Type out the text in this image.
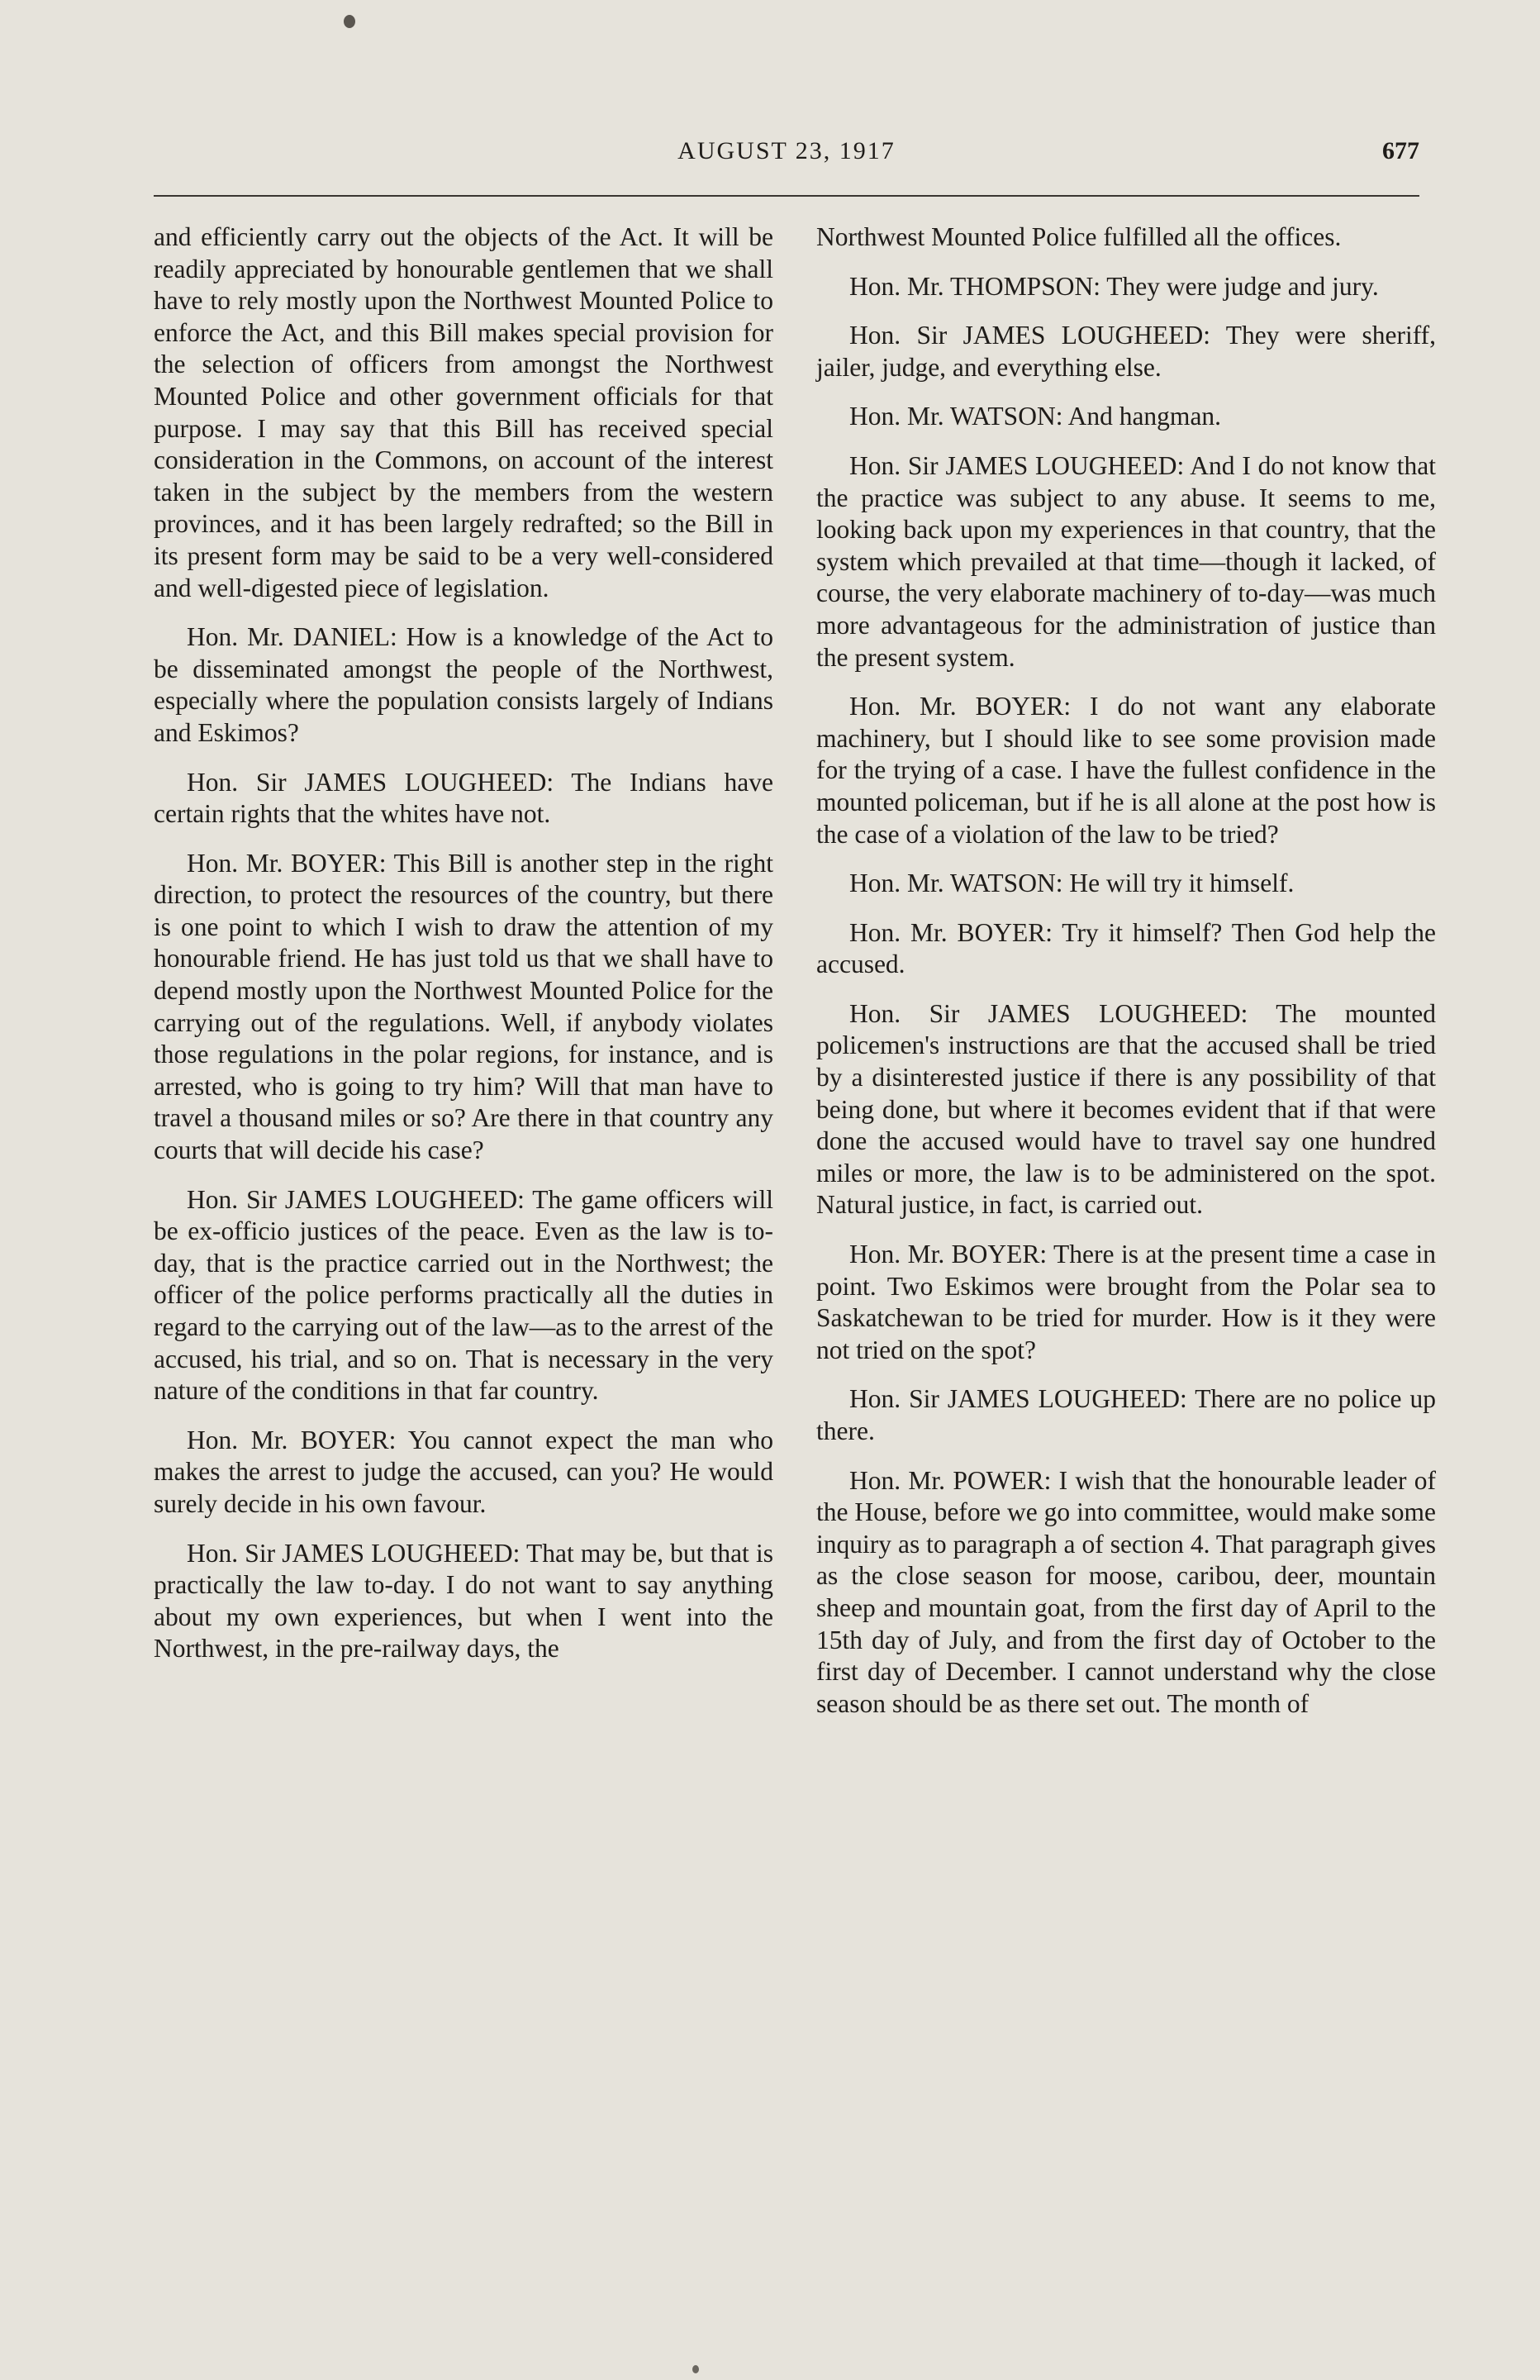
AUGUST 23, 1917	677

and efficiently carry out the objects of the Act. It will be readily appreciated by honourable gentlemen that we shall have to rely mostly upon the Northwest Mounted Police to enforce the Act, and this Bill makes special provision for the selection of officers from amongst the Northwest Mounted Police and other government officials for that purpose. I may say that this Bill has received special consideration in the Commons, on account of the interest taken in the subject by the members from the western provinces, and it has been largely redrafted; so the Bill in its present form may be said to be a very well-considered and well-digested piece of legislation.

Hon. Mr. DANIEL: How is a knowledge of the Act to be disseminated amongst the people of the Northwest, especially where the population consists largely of Indians and Eskimos?

Hon. Sir JAMES LOUGHEED: The Indians have certain rights that the whites have not.

Hon. Mr. BOYER: This Bill is another step in the right direction, to protect the resources of the country, but there is one point to which I wish to draw the attention of my honourable friend. He has just told us that we shall have to depend mostly upon the Northwest Mounted Police for the carrying out of the regulations. Well, if anybody violates those regulations in the polar regions, for instance, and is arrested, who is going to try him? Will that man have to travel a thousand miles or so? Are there in that country any courts that will decide his case?

Hon. Sir JAMES LOUGHEED: The game officers will be ex-officio justices of the peace. Even as the law is to-day, that is the practice carried out in the Northwest; the officer of the police performs practically all the duties in regard to the carrying out of the law—as to the arrest of the accused, his trial, and so on. That is necessary in the very nature of the conditions in that far country.

Hon. Mr. BOYER: You cannot expect the man who makes the arrest to judge the accused, can you? He would surely decide in his own favour.

Hon. Sir JAMES LOUGHEED: That may be, but that is practically the law to-day. I do not want to say anything about my own experiences, but when I went into the Northwest, in the pre-railway days, the

Northwest Mounted Police fulfilled all the offices.

Hon. Mr. THOMPSON: They were judge and jury.

Hon. Sir JAMES LOUGHEED: They were sheriff, jailer, judge, and everything else.

Hon. Mr. WATSON: And hangman.

Hon. Sir JAMES LOUGHEED: And I do not know that the practice was subject to any abuse. It seems to me, looking back upon my experiences in that country, that the system which prevailed at that time—though it lacked, of course, the very elaborate machinery of to-day—was much more advantageous for the administration of justice than the present system.

Hon. Mr. BOYER: I do not want any elaborate machinery, but I should like to see some provision made for the trying of a case. I have the fullest confidence in the mounted policeman, but if he is all alone at the post how is the case of a violation of the law to be tried?

Hon. Mr. WATSON: He will try it himself.

Hon. Mr. BOYER: Try it himself? Then God help the accused.

Hon. Sir JAMES LOUGHEED: The mounted policemen's instructions are that the accused shall be tried by a disinterested justice if there is any possibility of that being done, but where it becomes evident that if that were done the accused would have to travel say one hundred miles or more, the law is to be administered on the spot. Natural justice, in fact, is carried out.

Hon. Mr. BOYER: There is at the present time a case in point. Two Eskimos were brought from the Polar sea to Saskatchewan to be tried for murder. How is it they were not tried on the spot?

Hon. Sir JAMES LOUGHEED: There are no police up there.

Hon. Mr. POWER: I wish that the honourable leader of the House, before we go into committee, would make some inquiry as to paragraph a of section 4. That paragraph gives as the close season for moose, caribou, deer, mountain sheep and mountain goat, from the first day of April to the 15th day of July, and from the first day of October to the first day of December. I cannot understand why the close season should be as there set out. The month of
